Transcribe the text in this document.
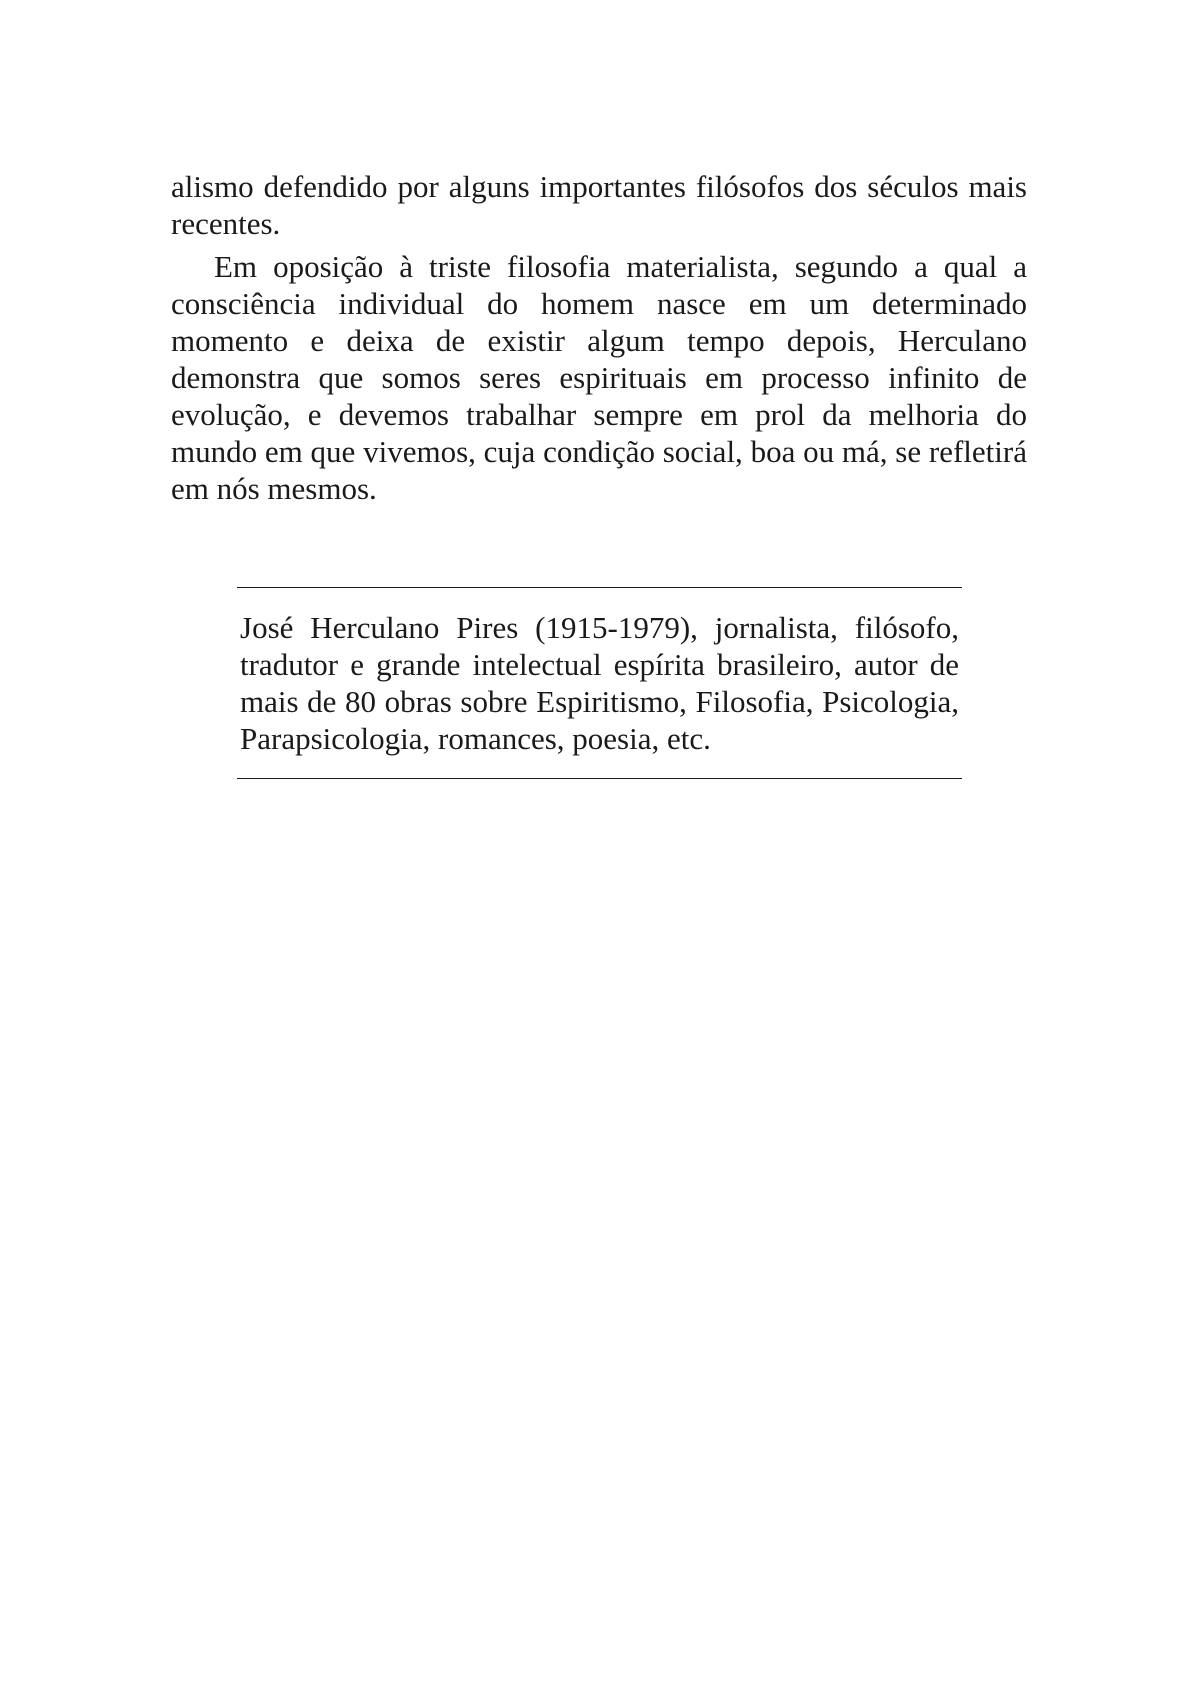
alismo defendido por alguns importantes filósofos dos séculos mais recentes.

Em oposição à triste filosofia materialista, segundo a qual a consciência individual do homem nasce em um determinado momento e deixa de existir algum tempo depois, Herculano demonstra que somos seres espirituais em processo infinito de evolução, e devemos trabalhar sempre em prol da melhoria do mundo em que vivemos, cuja condição social, boa ou má, se refletirá em nós mesmos.

José Herculano Pires (1915-1979), jornalista, filósofo, tradutor e grande intelectual espírita brasileiro, autor de mais de 80 obras sobre Espiritismo, Filosofia, Psicologia, Parapsicologia, romances, poesia, etc.
